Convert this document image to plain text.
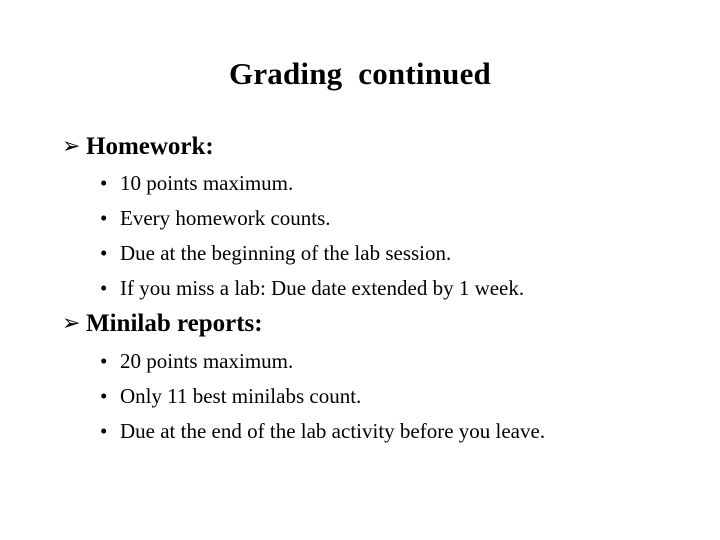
Grading  continued
➢ Homework:
• 10 points maximum.
• Every homework counts.
• Due at the beginning of the lab session.
• If you miss a lab: Due date extended by 1 week.
➢ Minilab reports:
• 20 points maximum.
• Only 11 best minilabs count.
• Due at the end of the lab activity before you leave.
